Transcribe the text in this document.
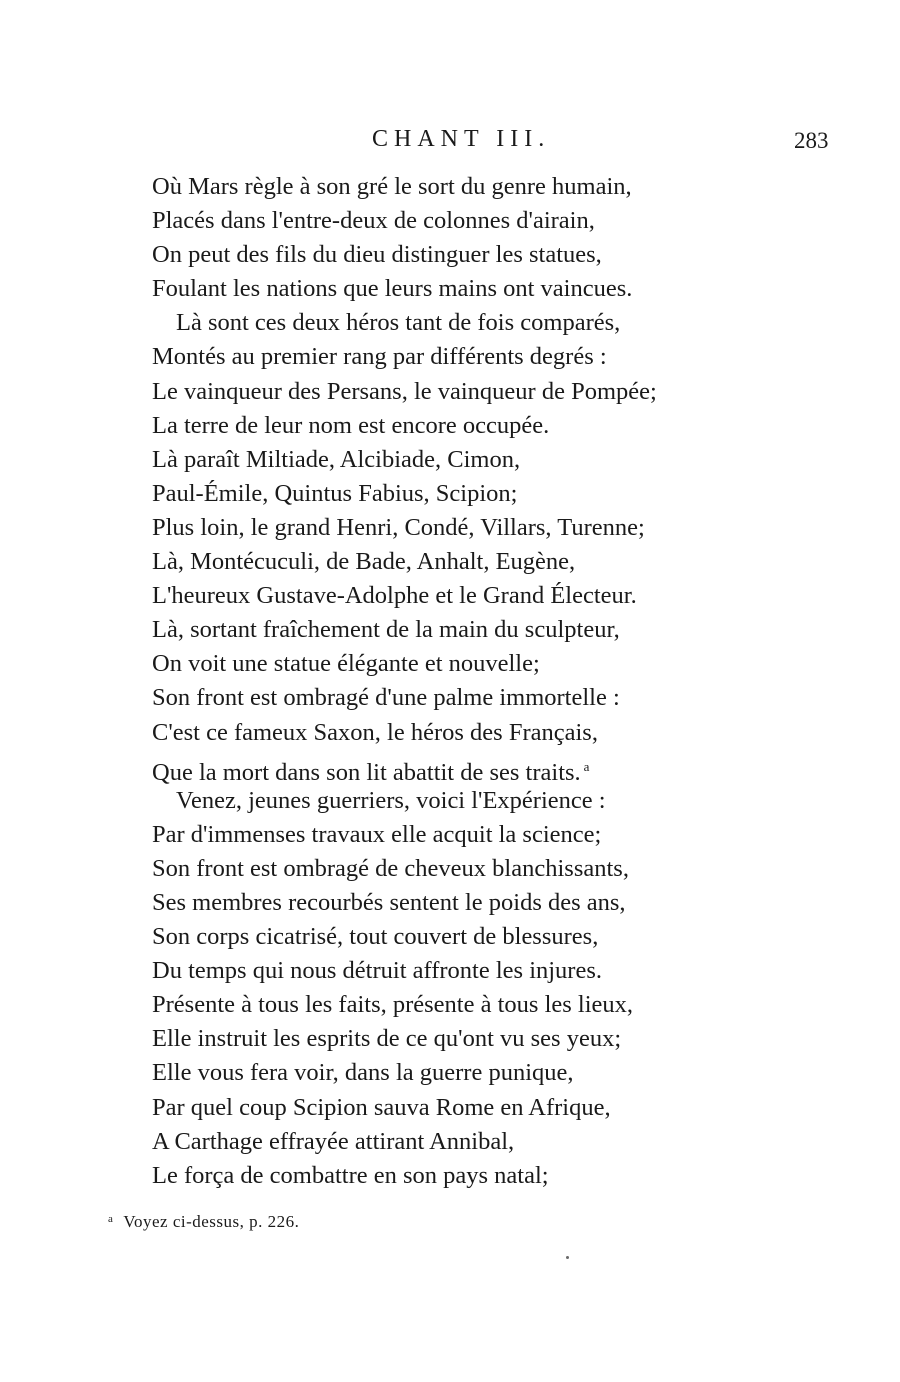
CHANT III.	283
Où Mars règle à son gré le sort du genre humain,
Placés dans l'entre-deux de colonnes d'airain,
On peut des fils du dieu distinguer les statues,
Foulant les nations que leurs mains ont vaincues.
Là sont ces deux héros tant de fois comparés,
Montés au premier rang par différents degrés :
Le vainqueur des Persans, le vainqueur de Pompée;
La terre de leur nom est encore occupée.
Là paraît Miltiade, Alcibiade, Cimon,
Paul-Émile, Quintus Fabius, Scipion;
Plus loin, le grand Henri, Condé, Villars, Turenne;
Là, Montécuculi, de Bade, Anhalt, Eugène,
L'heureux Gustave-Adolphe et le Grand Électeur.
Là, sortant fraîchement de la main du sculpteur,
On voit une statue élégante et nouvelle;
Son front est ombragé d'une palme immortelle :
C'est ce fameux Saxon, le héros des Français,
Que la mort dans son lit abattit de ses traits. $^a$
Venez, jeunes guerriers, voici l'Expérience :
Par d'immenses travaux elle acquit la science;
Son front est ombragé de cheveux blanchissants,
Ses membres recourbés sentent le poids des ans,
Son corps cicatrisé, tout couvert de blessures,
Du temps qui nous détruit affronte les injures.
Présente à tous les faits, présente à tous les lieux,
Elle instruit les esprits de ce qu'ont vu ses yeux;
Elle vous fera voir, dans la guerre punique,
Par quel coup Scipion sauva Rome en Afrique,
A Carthage effrayée attirant Annibal,
Le força de combattre en son pays natal;
$^a$ Voyez ci-dessus, p. 226.
